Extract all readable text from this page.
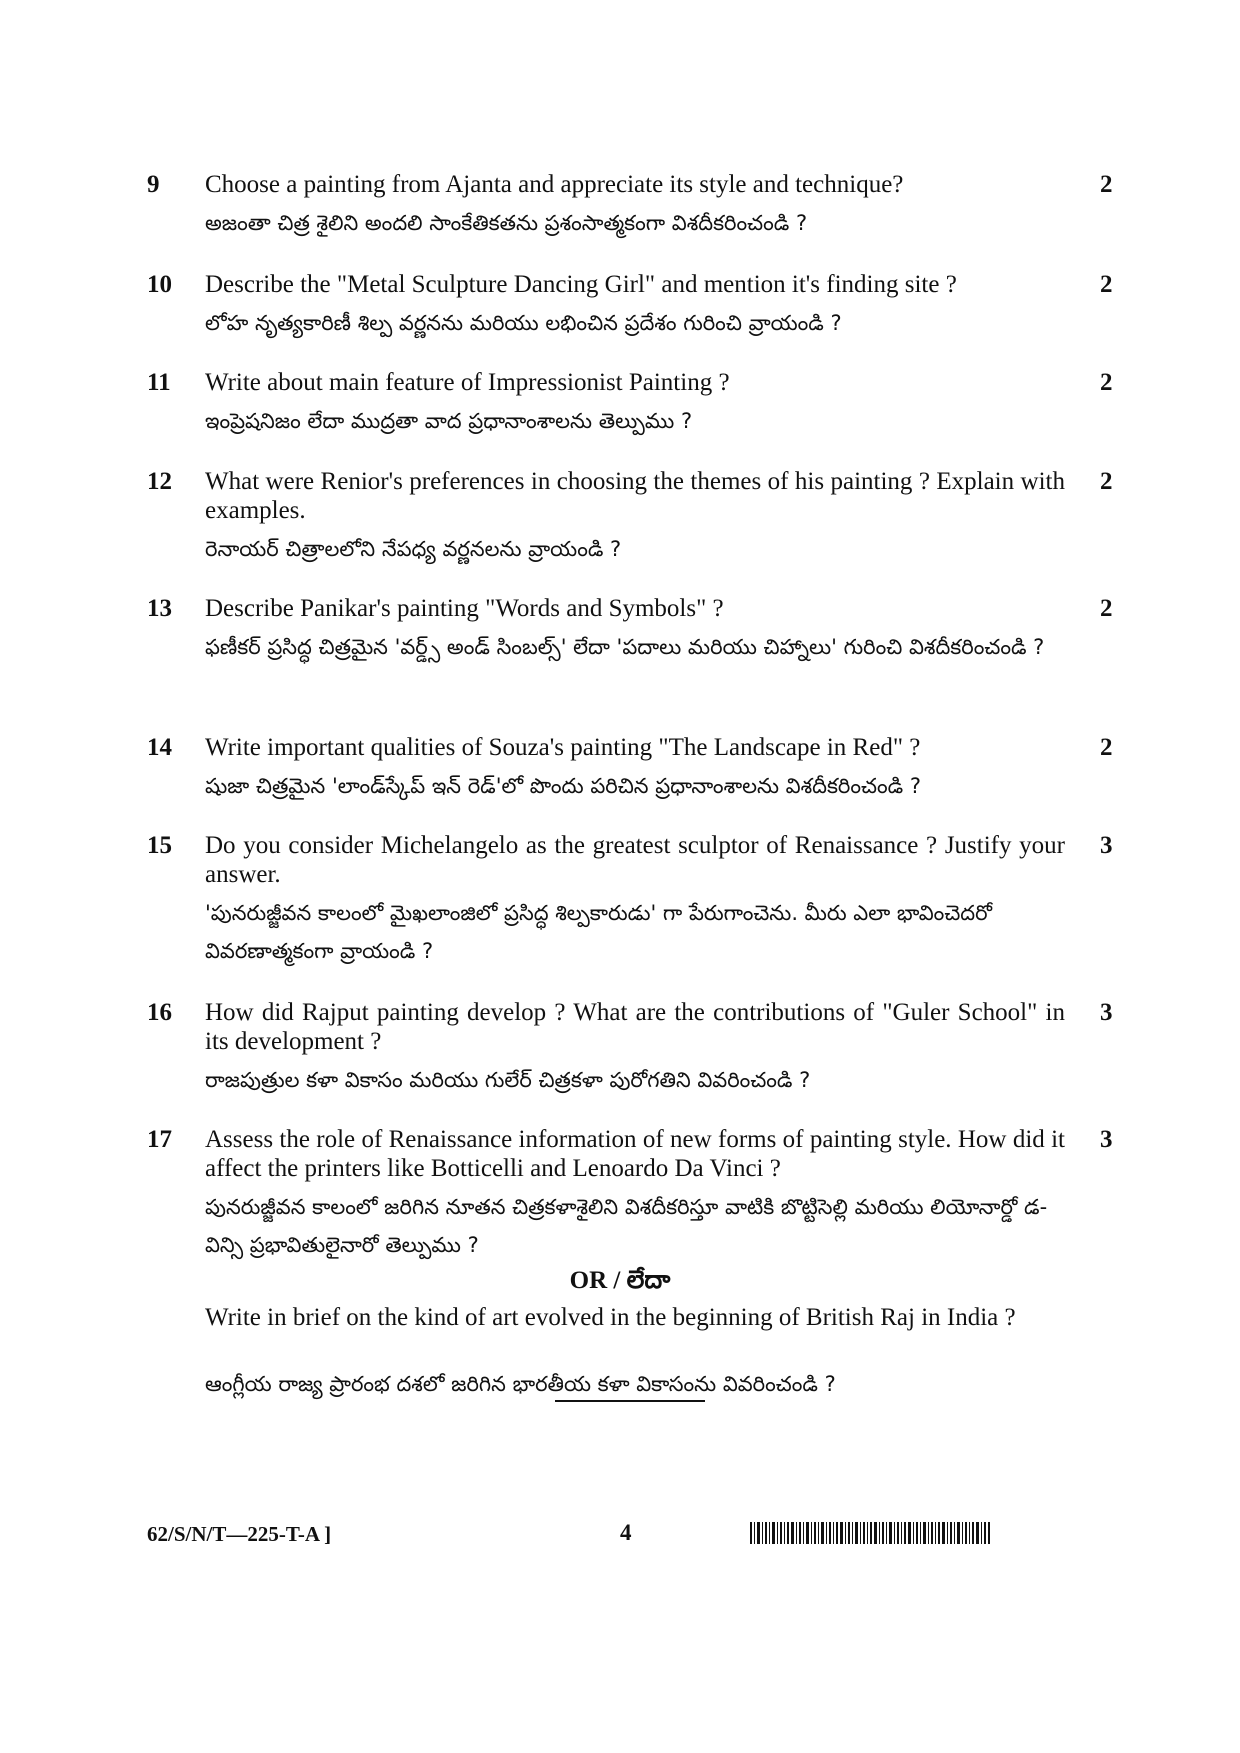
9 Choose a painting from Ajanta and appreciate its style and technique?	2
అజంతా చిత్ర శైలిని అందలి సాంకేతికతను ప్రశంసాత్మకంగా విశదీకరించండి ?
10 Describe the "Metal Sculpture Dancing Girl" and mention it's finding site ?	2
లోహ నృత్యకారిణీ శిల్ప వర్ణనను మరియు లభించిన ప్రదేశం గురించి వ్రాయండి ?
11 Write about main feature of Impressionist Painting ?	2
ఇంప్రెషనిజం లేదా ముద్రతా వాద ప్రధానాంశాలను తెల్పుము ?
12 What were Renior's preferences in choosing the themes of his painting ? Explain with examples.
2
రెనాయర్ చిత్రాలలోని నేపధ్య వర్ణనలను వ్రాయండి ?
13 Describe Panikar's painting "Words and Symbols" ?	2
ఫణీకర్ ప్రసిద్ధ చిత్రమైన 'వర్డ్స్ అండ్ సింబల్స్' లేదా 'పదాలు మరియు చిహ్నాలు' గురించి విశదీకరించండి ?
14 Write important qualities of Souza's painting "The Landscape in Red" ?	2
షుజా చిత్రమైన 'లాండ్‌స్కేప్ ఇన్ రెడ్'లో పొందు పరిచిన ప్రధానాంశాలను విశదీకరించండి ?
15 Do you consider Michelangelo as the greatest sculptor of Renaissance ? Justify your answer.
3
'పునరుజ్జీవన కాలంలో మైఖలాంజిలో ప్రసిద్ధ శిల్పకారుడు' గా పేరుగాంచెను. మీరు ఎలా భావించెదరో వివరణాత్మకంగా వ్రాయండి ?
16 How did Rajput painting develop ? What are the contributions of "Guler School" in its development ?
3
రాజపుత్రుల కళా వికాసం మరియు గులేర్ చిత్రకళా పురోగతిని వివరించండి ?
17 Assess the role of Renaissance information of new forms of painting style. How did it affect the printers like Botticelli and Lenoardo Da Vinci ?
3
పునరుజ్జీవన కాలంలో జరిగిన నూతన చిత్రకళాశైలిని విశదీకరిస్తూ వాటికి బొట్టిసెల్లి మరియు లియోనార్డో డ-విన్సి ప్రభావితులైనారో తెల్పుము ?
OR / లేదా
Write in brief on the kind of art evolved in the beginning of British Raj in India ?
ఆంగ్లీయ రాజ్య ప్రారంభ దశలో జరిగిన భారతీయ కళా వికాసంను వివరించండి ?
62/S/N/T—225-T-A ]	4
